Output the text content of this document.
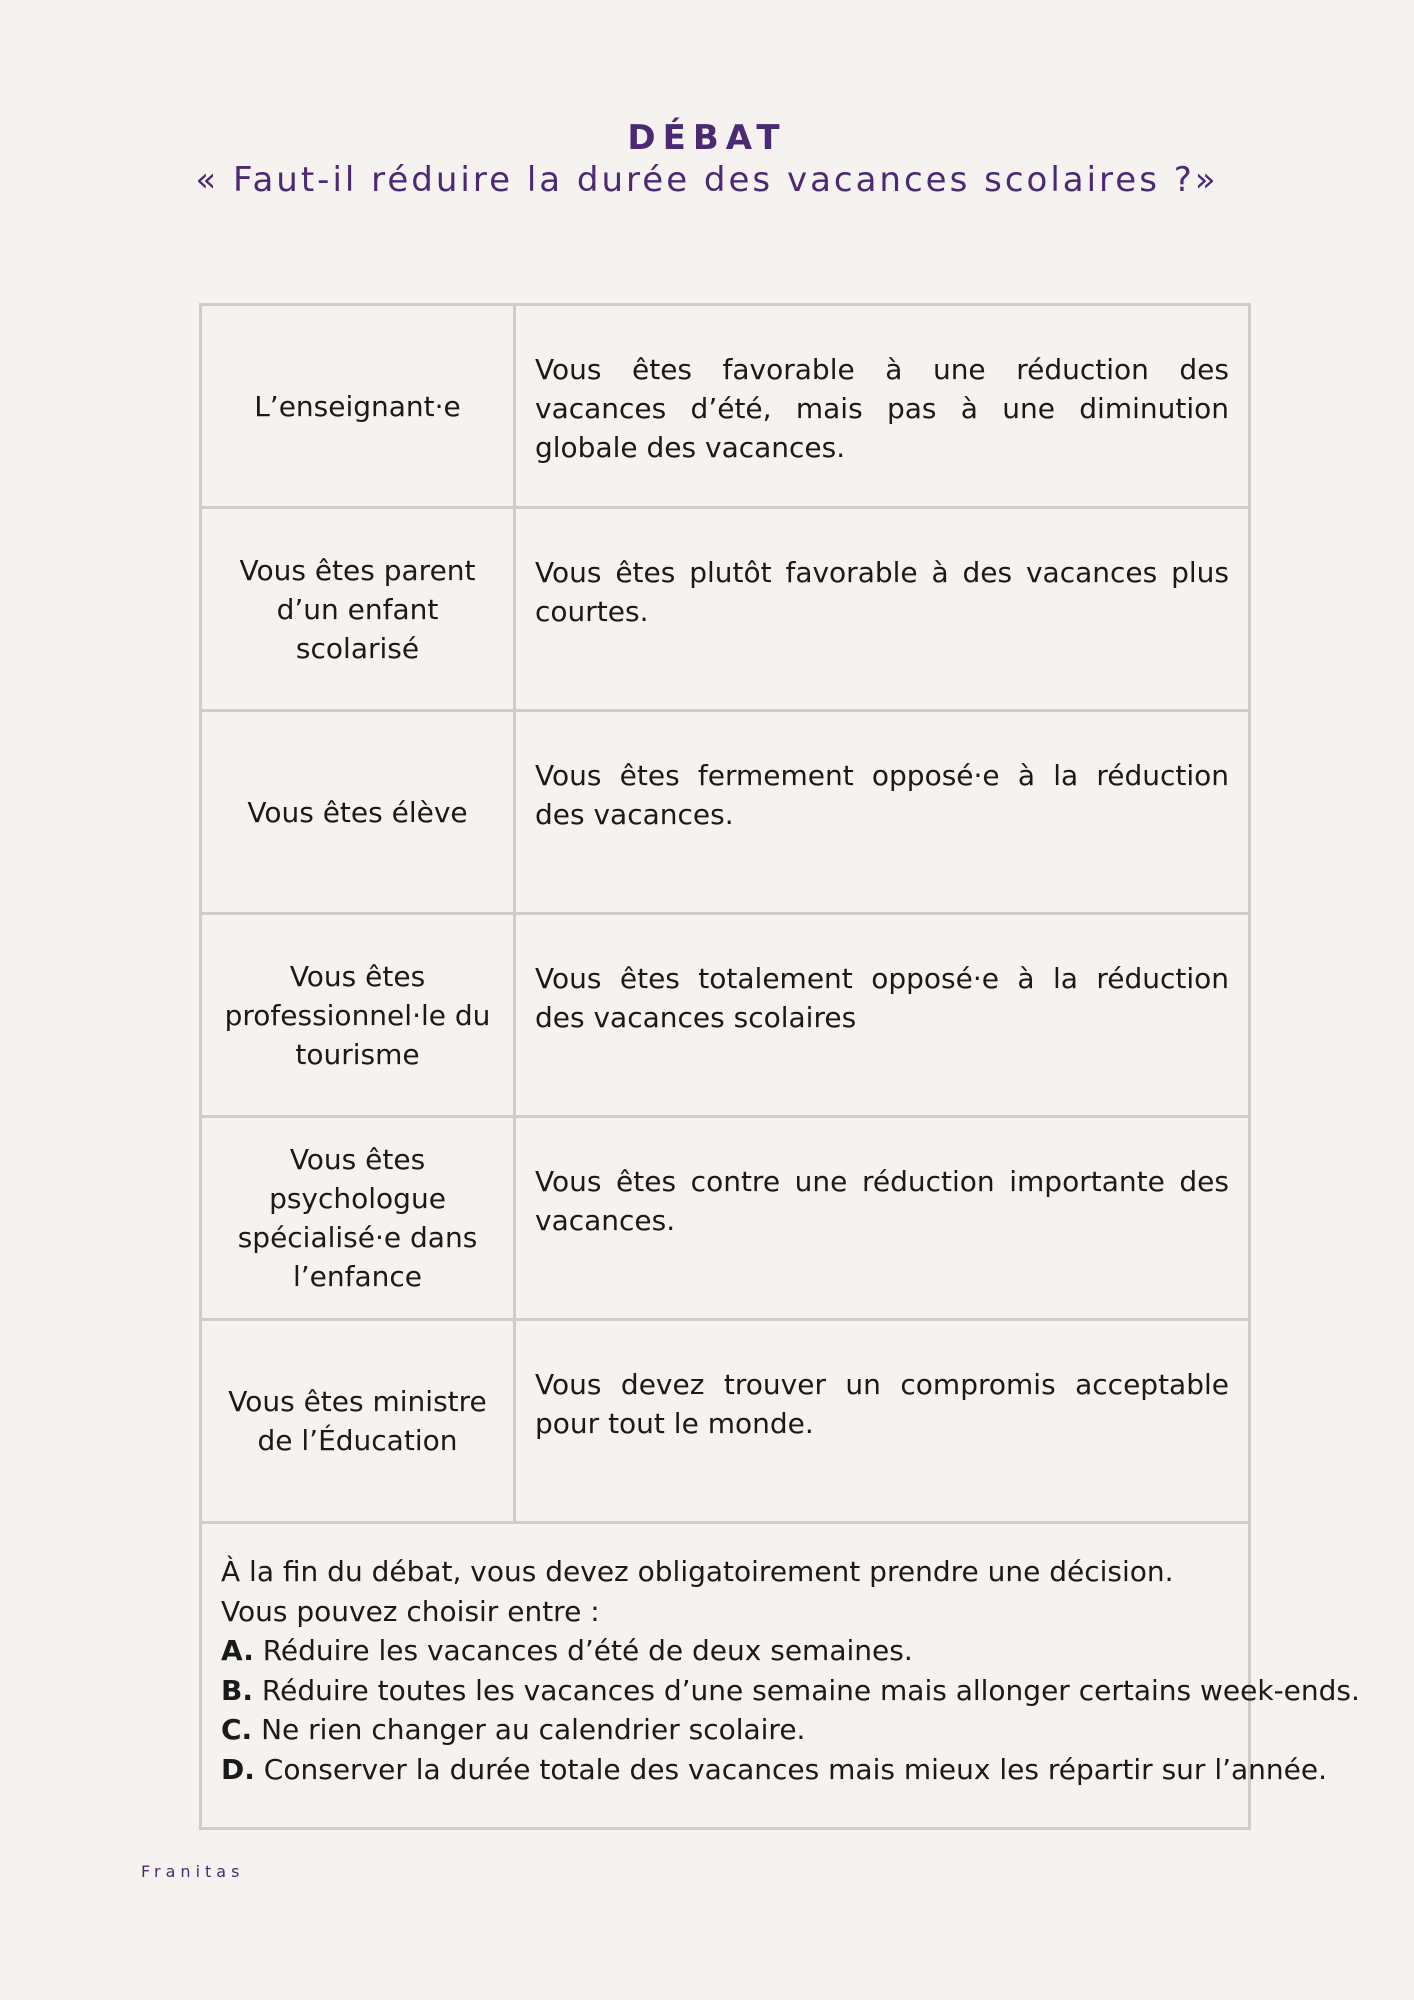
DÉBAT
« Faut-il réduire la durée des vacances scolaires ?»
L’enseignant·e
Vous êtes favorable à une réduction des vacances d’été, mais pas à une diminution globale des vacances.
Vous êtes parent d’un enfant scolarisé
Vous êtes plutôt favorable à des vacances plus courtes.
Vous êtes élève
Vous êtes fermement opposé·e à la réduction des vacances.
Vous êtes professionnel·le du tourisme
Vous êtes totalement opposé·e à la réduction des vacances scolaires
Vous êtes psychologue spécialisé·e dans l’enfance
Vous êtes contre une réduction importante des vacances.
Vous êtes ministre de l’Éducation
Vous devez trouver un compromis acceptable pour tout le monde.
À la fin du débat, vous devez obligatoirement prendre une décision.
Vous pouvez choisir entre :
A. Réduire les vacances d’été de deux semaines.
B. Réduire toutes les vacances d’une semaine mais allonger certains week-ends.
C. Ne rien changer au calendrier scolaire.
D. Conserver la durée totale des vacances mais mieux les répartir sur l’année.
Franitas
